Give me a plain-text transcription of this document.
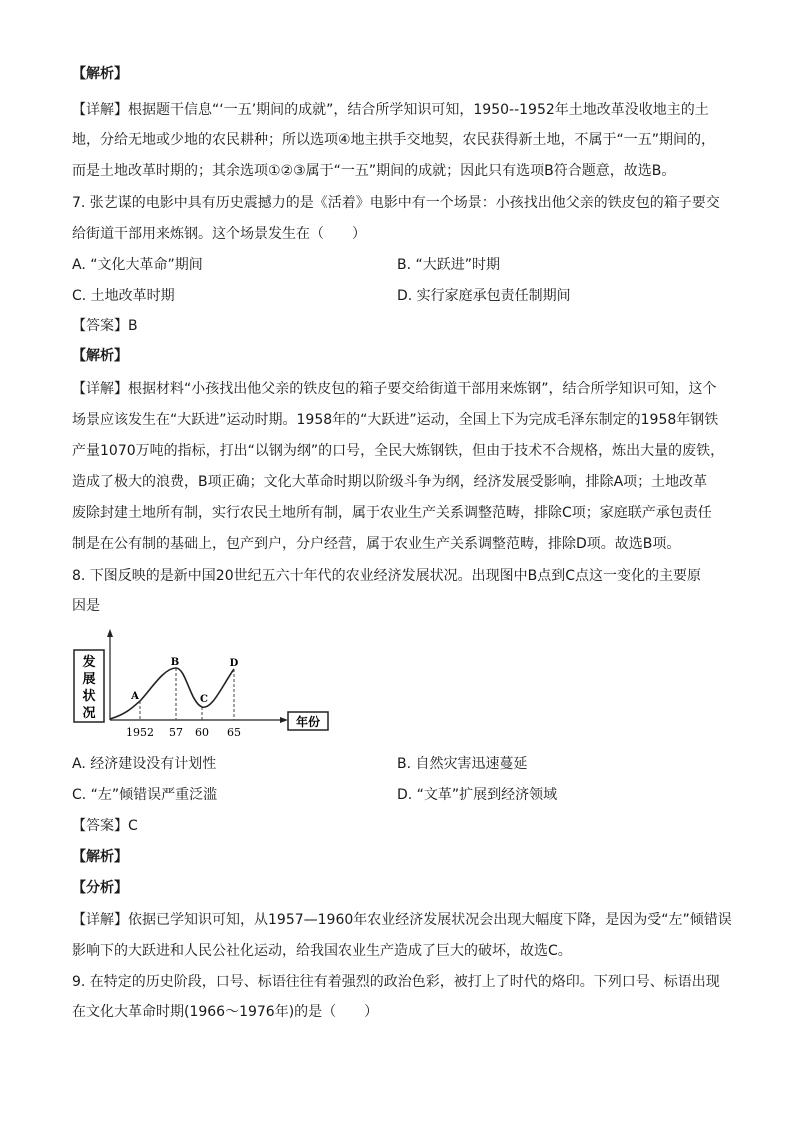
【解析】
【详解】根据题干信息“‘一五’期间的成就”，结合所学知识可知，1950--1952年土地改革没收地主的土
地，分给无地或少地的农民耕种；所以选项④地主拱手交地契，农民获得新土地，不属于“一五”期间的，
而是土地改革时期的；其余选项①②③属于“一五”期间的成就；因此只有选项B符合题意，故选B。
7. 张艺谋的电影中具有历史震撼力的是《活着》电影中有一个场景：小孩找出他父亲的铁皮包的箱子要交
给街道干部用来炼钢。这个场景发生在（　　）
A. “文化大革命”期间	B. “大跃进”时期
C. 土地改革时期	D. 实行家庭承包责任制期间
【答案】B
【解析】
【详解】根据材料“小孩找出他父亲的铁皮包的箱子要交给街道干部用来炼钢”，结合所学知识可知，这个
场景应该发生在“大跃进”运动时期。1958年的“大跃进”运动，全国上下为完成毛泽东制定的1958年钢铁
产量1070万吨的指标，打出“以钢为纲”的口号，全民大炼钢铁，但由于技术不合规格，炼出大量的废铁，
造成了极大的浪费，B项正确；文化大革命时期以阶级斗争为纲，经济发展受影响，排除A项；土地改革
废除封建土地所有制，实行农民土地所有制，属于农业生产关系调整范畴，排除C项；家庭联产承包责任
制是在公有制的基础上，包产到户，分户经营，属于农业生产关系调整范畴，排除D项。故选B项。
8. 下图反映的是新中国20世纪五六十年代的农业经济发展状况。出现图中B点到C点这一变化的主要原
因是
发
展
状
况
年份
A
B
C
D
1952 57 60 65
A. 经济建设没有计划性	B. 自然灾害迅速蔓延
C. “左”倾错误严重泛滥	D. “文革”扩展到经济领域
【答案】C
【解析】
【分析】
【详解】依据已学知识可知，从1957—1960年农业经济发展状况会出现大幅度下降，是因为受“左”倾错误
影响下的大跃进和人民公社化运动，给我国农业生产造成了巨大的破坏，故选C。
9. 在特定的历史阶段，口号、标语往往有着强烈的政治色彩，被打上了时代的烙印。下列口号、标语出现
在文化大革命时期(1966～1976年)的是（　　）
